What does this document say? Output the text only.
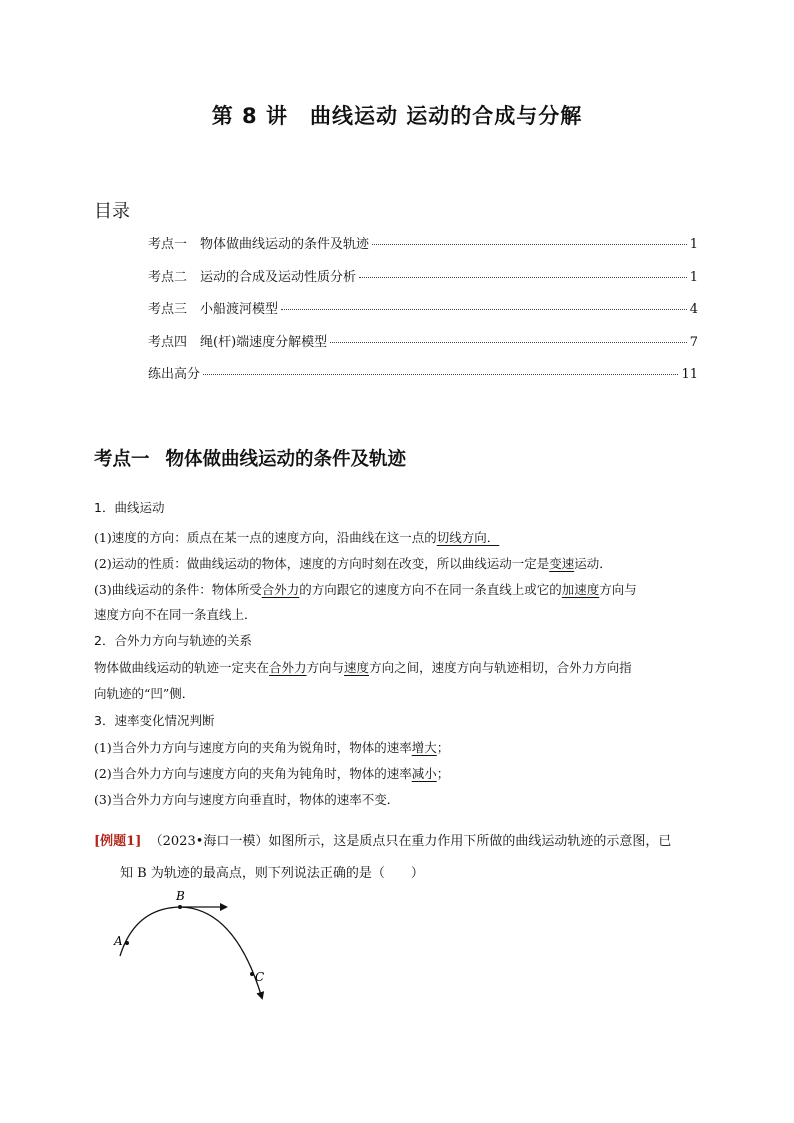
第 8 讲　曲线运动 运动的合成与分解
目录
考点一 物体做曲线运动的条件及轨迹	1
考点二 运动的合成及运动性质分析	1
考点三 小船渡河模型	4
考点四 绳(杆)端速度分解模型	7
练出高分	11
考点一 物体做曲线运动的条件及轨迹
1．曲线运动
(1)速度的方向：质点在某一点的速度方向，沿曲线在这一点的切线方向．
(2)运动的性质：做曲线运动的物体，速度的方向时刻在改变，所以曲线运动一定是变速运动．
(3)曲线运动的条件：物体所受合外力的方向跟它的速度方向不在同一条直线上或它的加速度方向与
速度方向不在同一条直线上．
2．合外力方向与轨迹的关系
物体做曲线运动的轨迹一定夹在合外力方向与速度方向之间，速度方向与轨迹相切，合外力方向指
向轨迹的“凹”侧．
3．速率变化情况判断
(1)当合外力方向与速度方向的夹角为锐角时，物体的速率增大；
(2)当合外力方向与速度方向的夹角为钝角时，物体的速率减小；
(3)当合外力方向与速度方向垂直时，物体的速率不变．
[例题1] （2023•海口一模）如图所示，这是质点只在重力作用下所做的曲线运动轨迹的示意图，已
知 B 为轨迹的最高点，则下列说法正确的是（　　）
A
B
C
